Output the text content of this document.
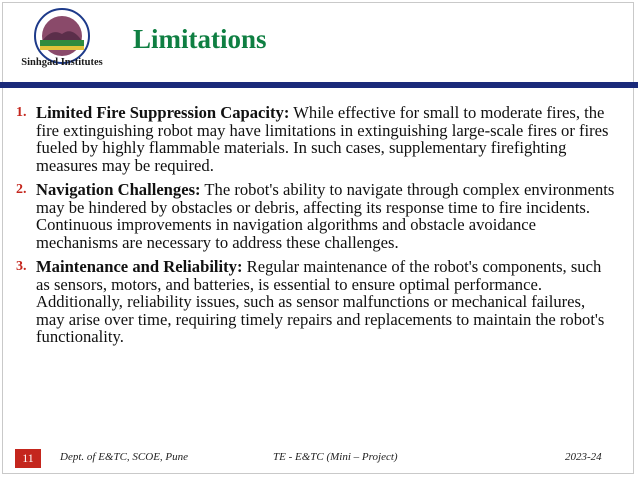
Sinhgad Institutes
Limitations
1. Limited Fire Suppression Capacity: While effective for small to moderate fires, the fire extinguishing robot may have limitations in extinguishing large-scale fires or fires fueled by highly flammable materials. In such cases, supplementary firefighting measures may be required.
2. Navigation Challenges: The robot's ability to navigate through complex environments may be hindered by obstacles or debris, affecting its response time to fire incidents. Continuous improvements in navigation algorithms and obstacle avoidance mechanisms are necessary to address these challenges.
3. Maintenance and Reliability: Regular maintenance of the robot's components, such as sensors, motors, and batteries, is essential to ensure optimal performance. Additionally, reliability issues, such as sensor malfunctions or mechanical failures, may arise over time, requiring timely repairs and replacements to maintain the robot's functionality.
11	Dept. of E&TC, SCOE, Pune	TE - E&TC (Mini – Project)	2023-24
